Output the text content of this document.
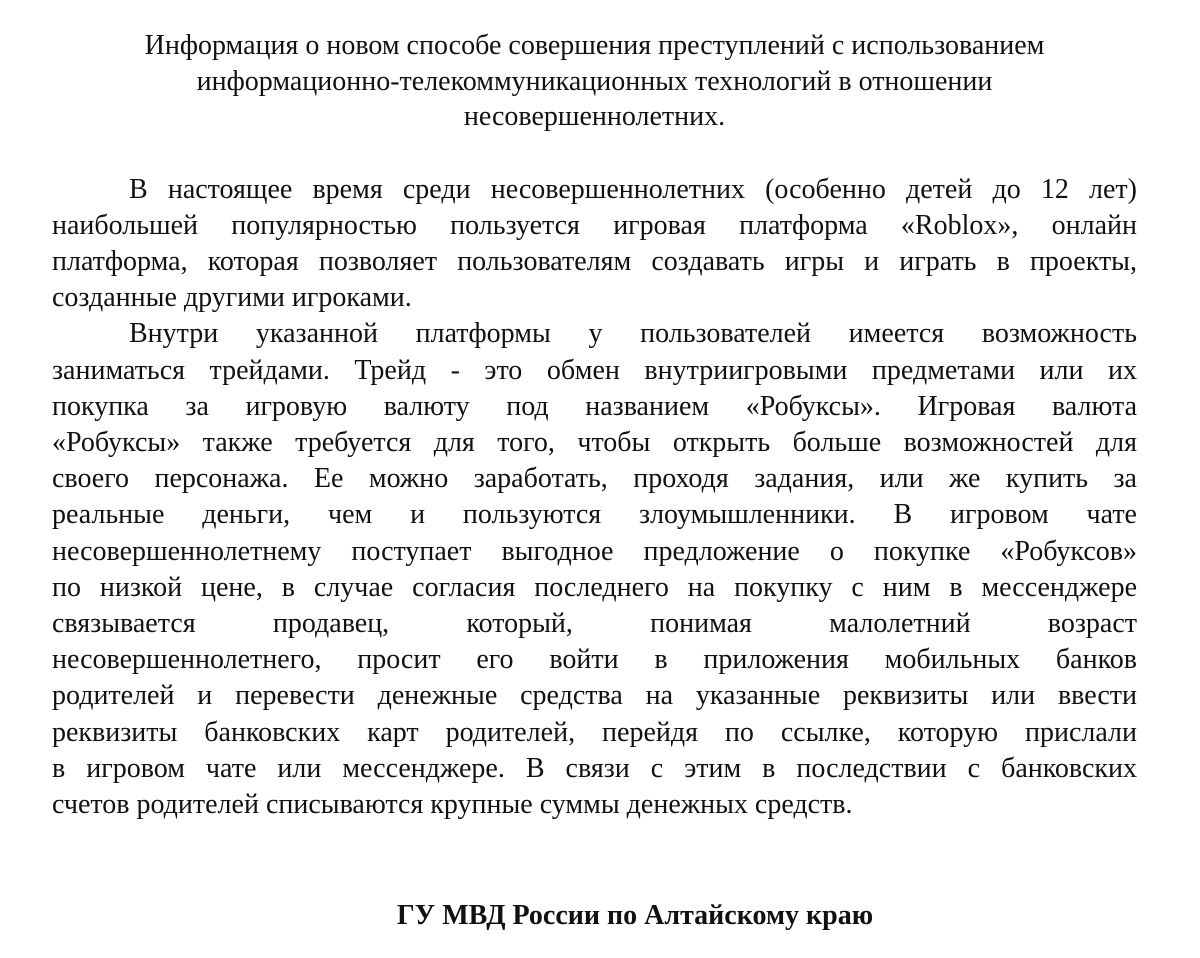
Информация о новом способе совершения преступлений с использованием
информационно-телекоммуникационных технологий в отношении
несовершеннолетних.
В настоящее время среди несовершеннолетних (особенно детей до 12 лет)
наибольшей популярностью пользуется игровая платформа «Roblox», онлайн
платформа, которая позволяет пользователям создавать игры и играть в проекты,
созданные другими игроками.
Внутри указанной платформы у пользователей имеется возможность
заниматься трейдами. Трейд - это обмен внутриигровыми предметами или их
покупка за игровую валюту под названием «Робуксы». Игровая валюта
«Робуксы» также требуется для того, чтобы открыть больше возможностей для
своего персонажа. Ее можно заработать, проходя задания, или же купить за
реальные деньги, чем и пользуются злоумышленники. В игровом чате
несовершеннолетнему поступает выгодное предложение о покупке «Робуксов»
по низкой цене, в случае согласия последнего на покупку с ним в мессенджере
связывается продавец, который, понимая малолетний возраст
несовершеннолетнего, просит его войти в приложения мобильных банков
родителей и перевести денежные средства на указанные реквизиты или ввести
реквизиты банковских карт родителей, перейдя по ссылке, которую прислали
в игровом чате или мессенджере. В связи с этим в последствии с банковских
счетов родителей списываются крупные суммы денежных средств.
ГУ МВД России по Алтайскому краю
